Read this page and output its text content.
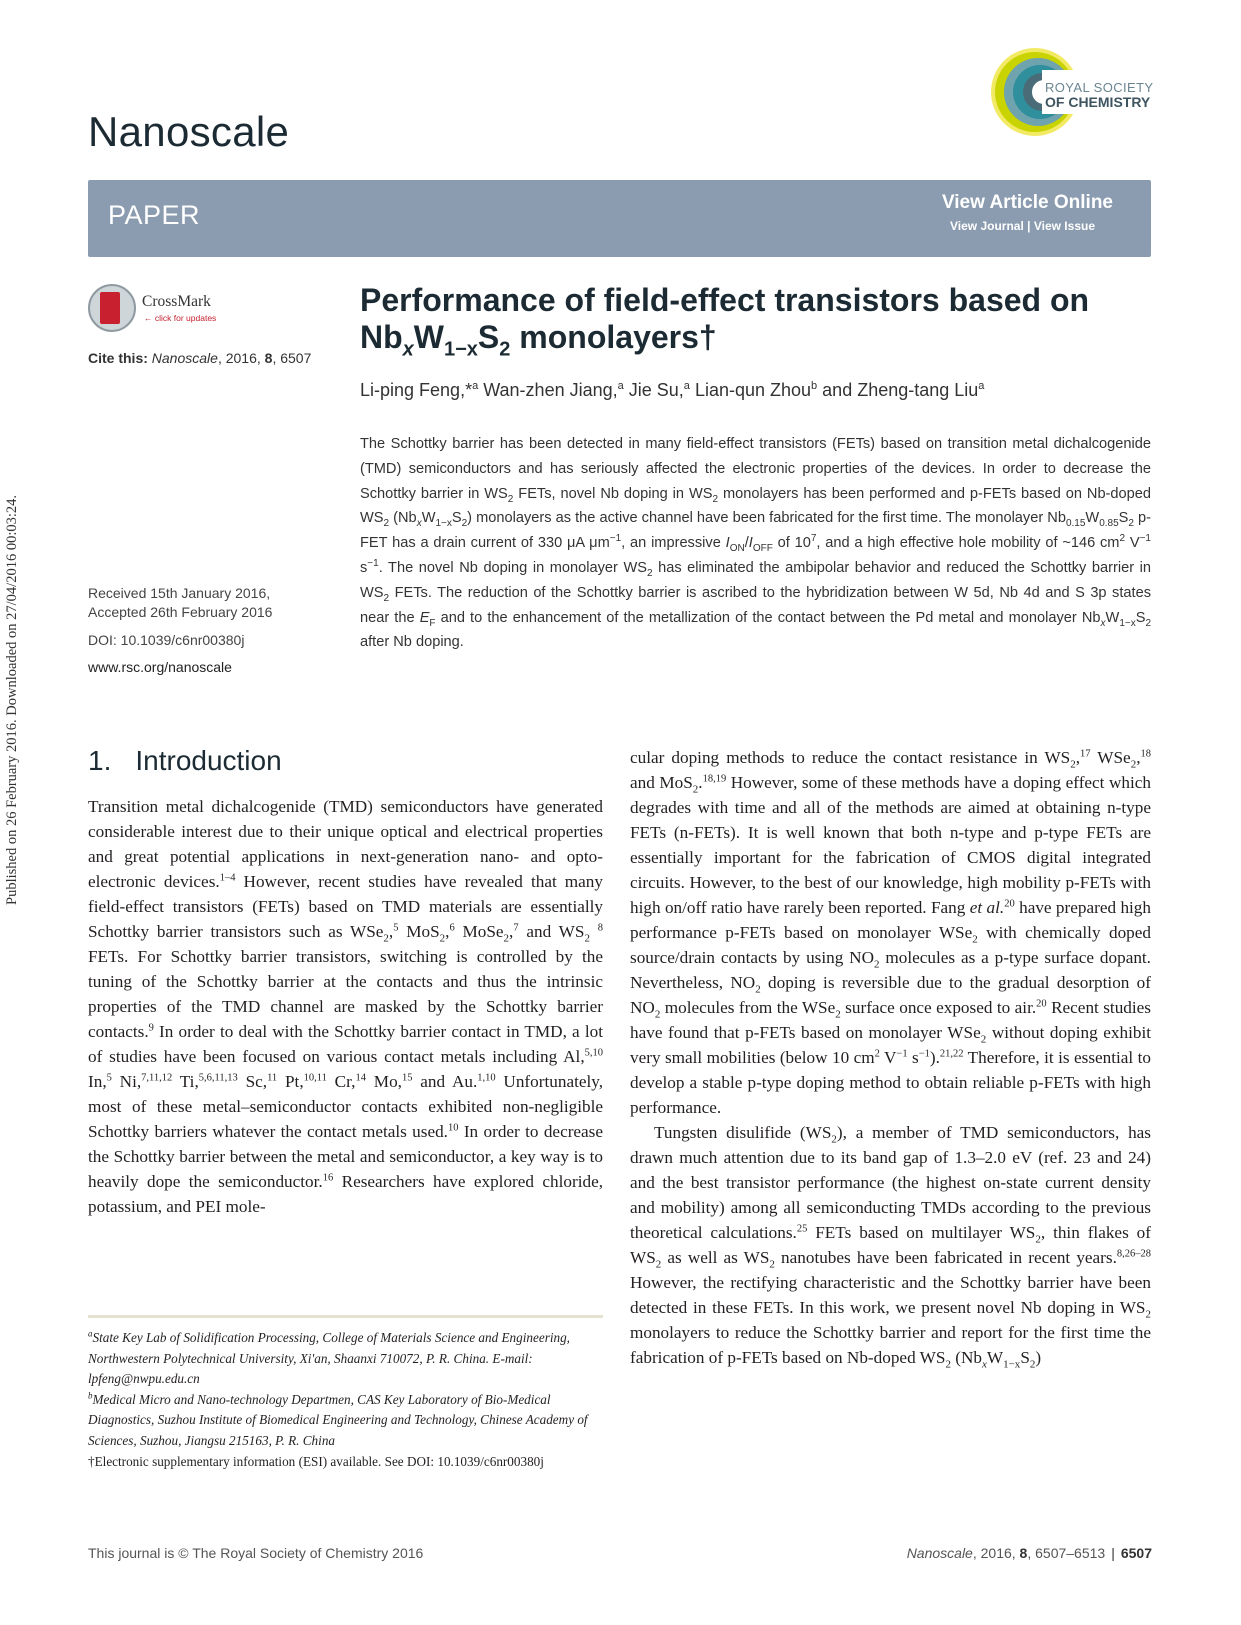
Published on 26 February 2016. Downloaded on 27/04/2016 00:03:24.
Nanoscale
ROYAL SOCIETY
OF CHEMISTRY
PAPER	View Article Online
View Journal | View Issue
CrossMark
← click for updates
Cite this: Nanoscale, 2016, 8, 6507
Received 15th January 2016,
Accepted 26th February 2016
DOI: 10.1039/c6nr00380j
www.rsc.org/nanoscale
Performance of field-effect transistors based on
$Nb_xW_{1-x}S_2$ monolayers†
Li-ping Feng,*$^a$ Wan-zhen Jiang,$^a$ Jie Su,$^a$ Lian-qun Zhou$^b$ and Zheng-tang Liu$^a$

The Schottky barrier has been detected in many field-effect transistors (FETs) based on transition metal dichalcogenide (TMD) semiconductors and has seriously affected the electronic properties of the devices. In order to decrease the Schottky barrier in $WS_2$ FETs, novel Nb doping in $WS_2$ monolayers has been performed and p-FETs based on Nb-doped $WS_2$ $(Nb_xW_{1-x}S_2)$ monolayers as the active channel have been fabricated for the first time. The monolayer $Nb_{0.15}W_{0.85}S_2$ p-FET has a drain current of 330 μA $\mu m^{-1}$, an impressive $I_{ON}/I_{OFF}$ of $10^7$, and a high effective hole mobility of ~146 $cm^2$ $V^{-1}$ $s^{-1}$. The novel Nb doping in monolayer $WS_2$ has eliminated the ambipolar behavior and reduced the Schottky barrier in $WS_2$ FETs. The reduction of the Schottky barrier is ascribed to the hybridization between W 5d, Nb 4d and S 3p states near the $E_F$ and to the enhancement of the metallization of the contact between the Pd metal and monolayer $Nb_xW_{1-x}S_2$ after Nb doping.

1. Introduction

Transition metal dichalcogenide (TMD) semiconductors have generated considerable interest due to their unique optical and electrical properties and great potential applications in next-generation nano- and opto-electronic devices.$^{1-4}$ However, recent studies have revealed that many field-effect transistors (FETs) based on TMD materials are essentially Schottky barrier transistors such as WSe$_2$,$^5$ MoS$_2$,$^6$ MoSe$_2$,$^7$ and $WS_2$ $^8$ FETs. For Schottky barrier transistors, switching is controlled by the tuning of the Schottky barrier at the contacts and thus the intrinsic properties of the TMD channel are masked by the Schottky barrier contacts.$^9$ In order to deal with the Schottky barrier contact in TMD, a lot of studies have been focused on various contact metals including Al,$^{5,10}$ In,$^5$ Ni,$^{7,11,12}$ Ti,$^{5,6,11,13}$ Sc,$^{11}$ Pt,$^{10,11}$ Cr,$^{14}$ Mo,$^{15}$ and Au.$^{1,10}$ Unfortunately, most of these metal–semiconductor contacts exhibited non-negligible Schottky barriers whatever the contact metals used.$^{10}$ In order to decrease the Schottky barrier between the metal and semiconductor, a key way is to heavily dope the semiconductor.$^{16}$ Researchers have explored chloride, potassium, and PEI mole-

cular doping methods to reduce the contact resistance in $WS_2,^{17}$ WSe$_2$,$^{18}$ and MoS$_2$.$^{18,19}$ However, some of these methods have a doping effect which degrades with time and all of the methods are aimed at obtaining n-type FETs (n-FETs). It is well known that both n-type and p-type FETs are essentially important for the fabrication of CMOS digital integrated circuits. However, to the best of our knowledge, high mobility p-FETs with high on/off ratio have rarely been reported. Fang et al.$^{20}$ have prepared high performance p-FETs based on monolayer WSe$_2$ with chemically doped source/drain contacts by using $NO_2$ molecules as a p-type surface dopant. Nevertheless, $NO_2$ doping is reversible due to the gradual desorption of $NO_2$ molecules from the WSe$_2$ surface once exposed to air.$^{20}$ Recent studies have found that p-FETs based on monolayer WSe$_2$ without doping exhibit very small mobilities (below 10 $cm^2$ $V^{-1}$ $s^{-1}).^{21,22}$ Therefore, it is essential to develop a stable p-type doping method to obtain reliable p-FETs with high performance.

Tungsten disulifide $(WS_2)$, a member of TMD semiconductors, has drawn much attention due to its band gap of 1.3–2.0 eV (ref. 23 and 24) and the best transistor performance (the highest on-state current density and mobility) among all semiconducting TMDs according to the previous theoretical calculations.$^{25}$ FETs based on multilayer $WS_2$, thin flakes of $WS_2$ as well as $WS_2$ nanotubes have been fabricated in recent years.$^{8,26-28}$ However, the rectifying characteristic and the Schottky barrier have been detected in these FETs. In this work, we present novel Nb doping in $WS_2$ monolayers to reduce the Schottky barrier and report for the first time the fabrication of p-FETs based on Nb-doped $WS_2$ $(Nb_xW_{1-x}S_2)$

$^a$State Key Lab of Solidification Processing, College of Materials Science and Engineering, Northwestern Polytechnical University, Xi'an, Shaanxi 710072, P. R. China. E-mail: lpfeng@nwpu.edu.cn
$^b$Medical Micro and Nano-technology Departmen, CAS Key Laboratory of Bio-Medical Diagnostics, Suzhou Institute of Biomedical Engineering and Technology, Chinese Academy of Sciences, Suzhou, Jiangsu 215163, P. R. China
†Electronic supplementary information (ESI) available. See DOI: 10.1039/c6nr00380j
This journal is © The Royal Society of Chemistry 2016	Nanoscale, 2016, 8, 6507–6513 | 6507
